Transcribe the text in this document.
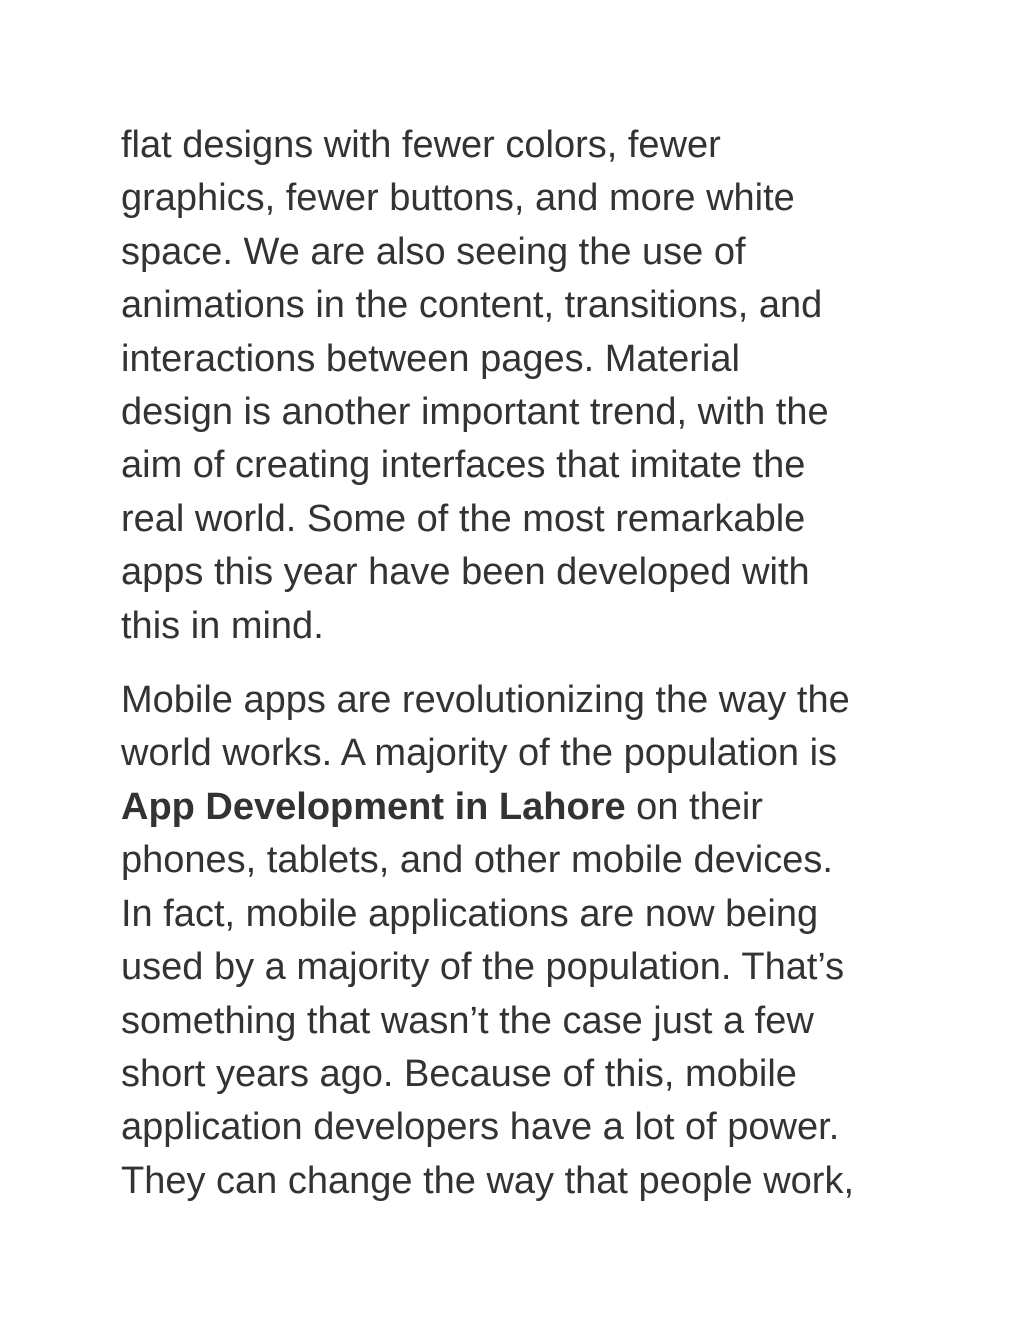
flat designs with fewer colors, fewer
graphics, fewer buttons, and more white
space. We are also seeing the use of
animations in the content, transitions, and
interactions between pages. Material
design is another important trend, with the
aim of creating interfaces that imitate the
real world. Some of the most remarkable
apps this year have been developed with
this in mind.

Mobile apps are revolutionizing the way the
world works. A majority of the population is
App Development in Lahore on their
phones, tablets, and other mobile devices.
In fact, mobile applications are now being
used by a majority of the population. That’s
something that wasn’t the case just a few
short years ago. Because of this, mobile
application developers have a lot of power.
They can change the way that people work,
